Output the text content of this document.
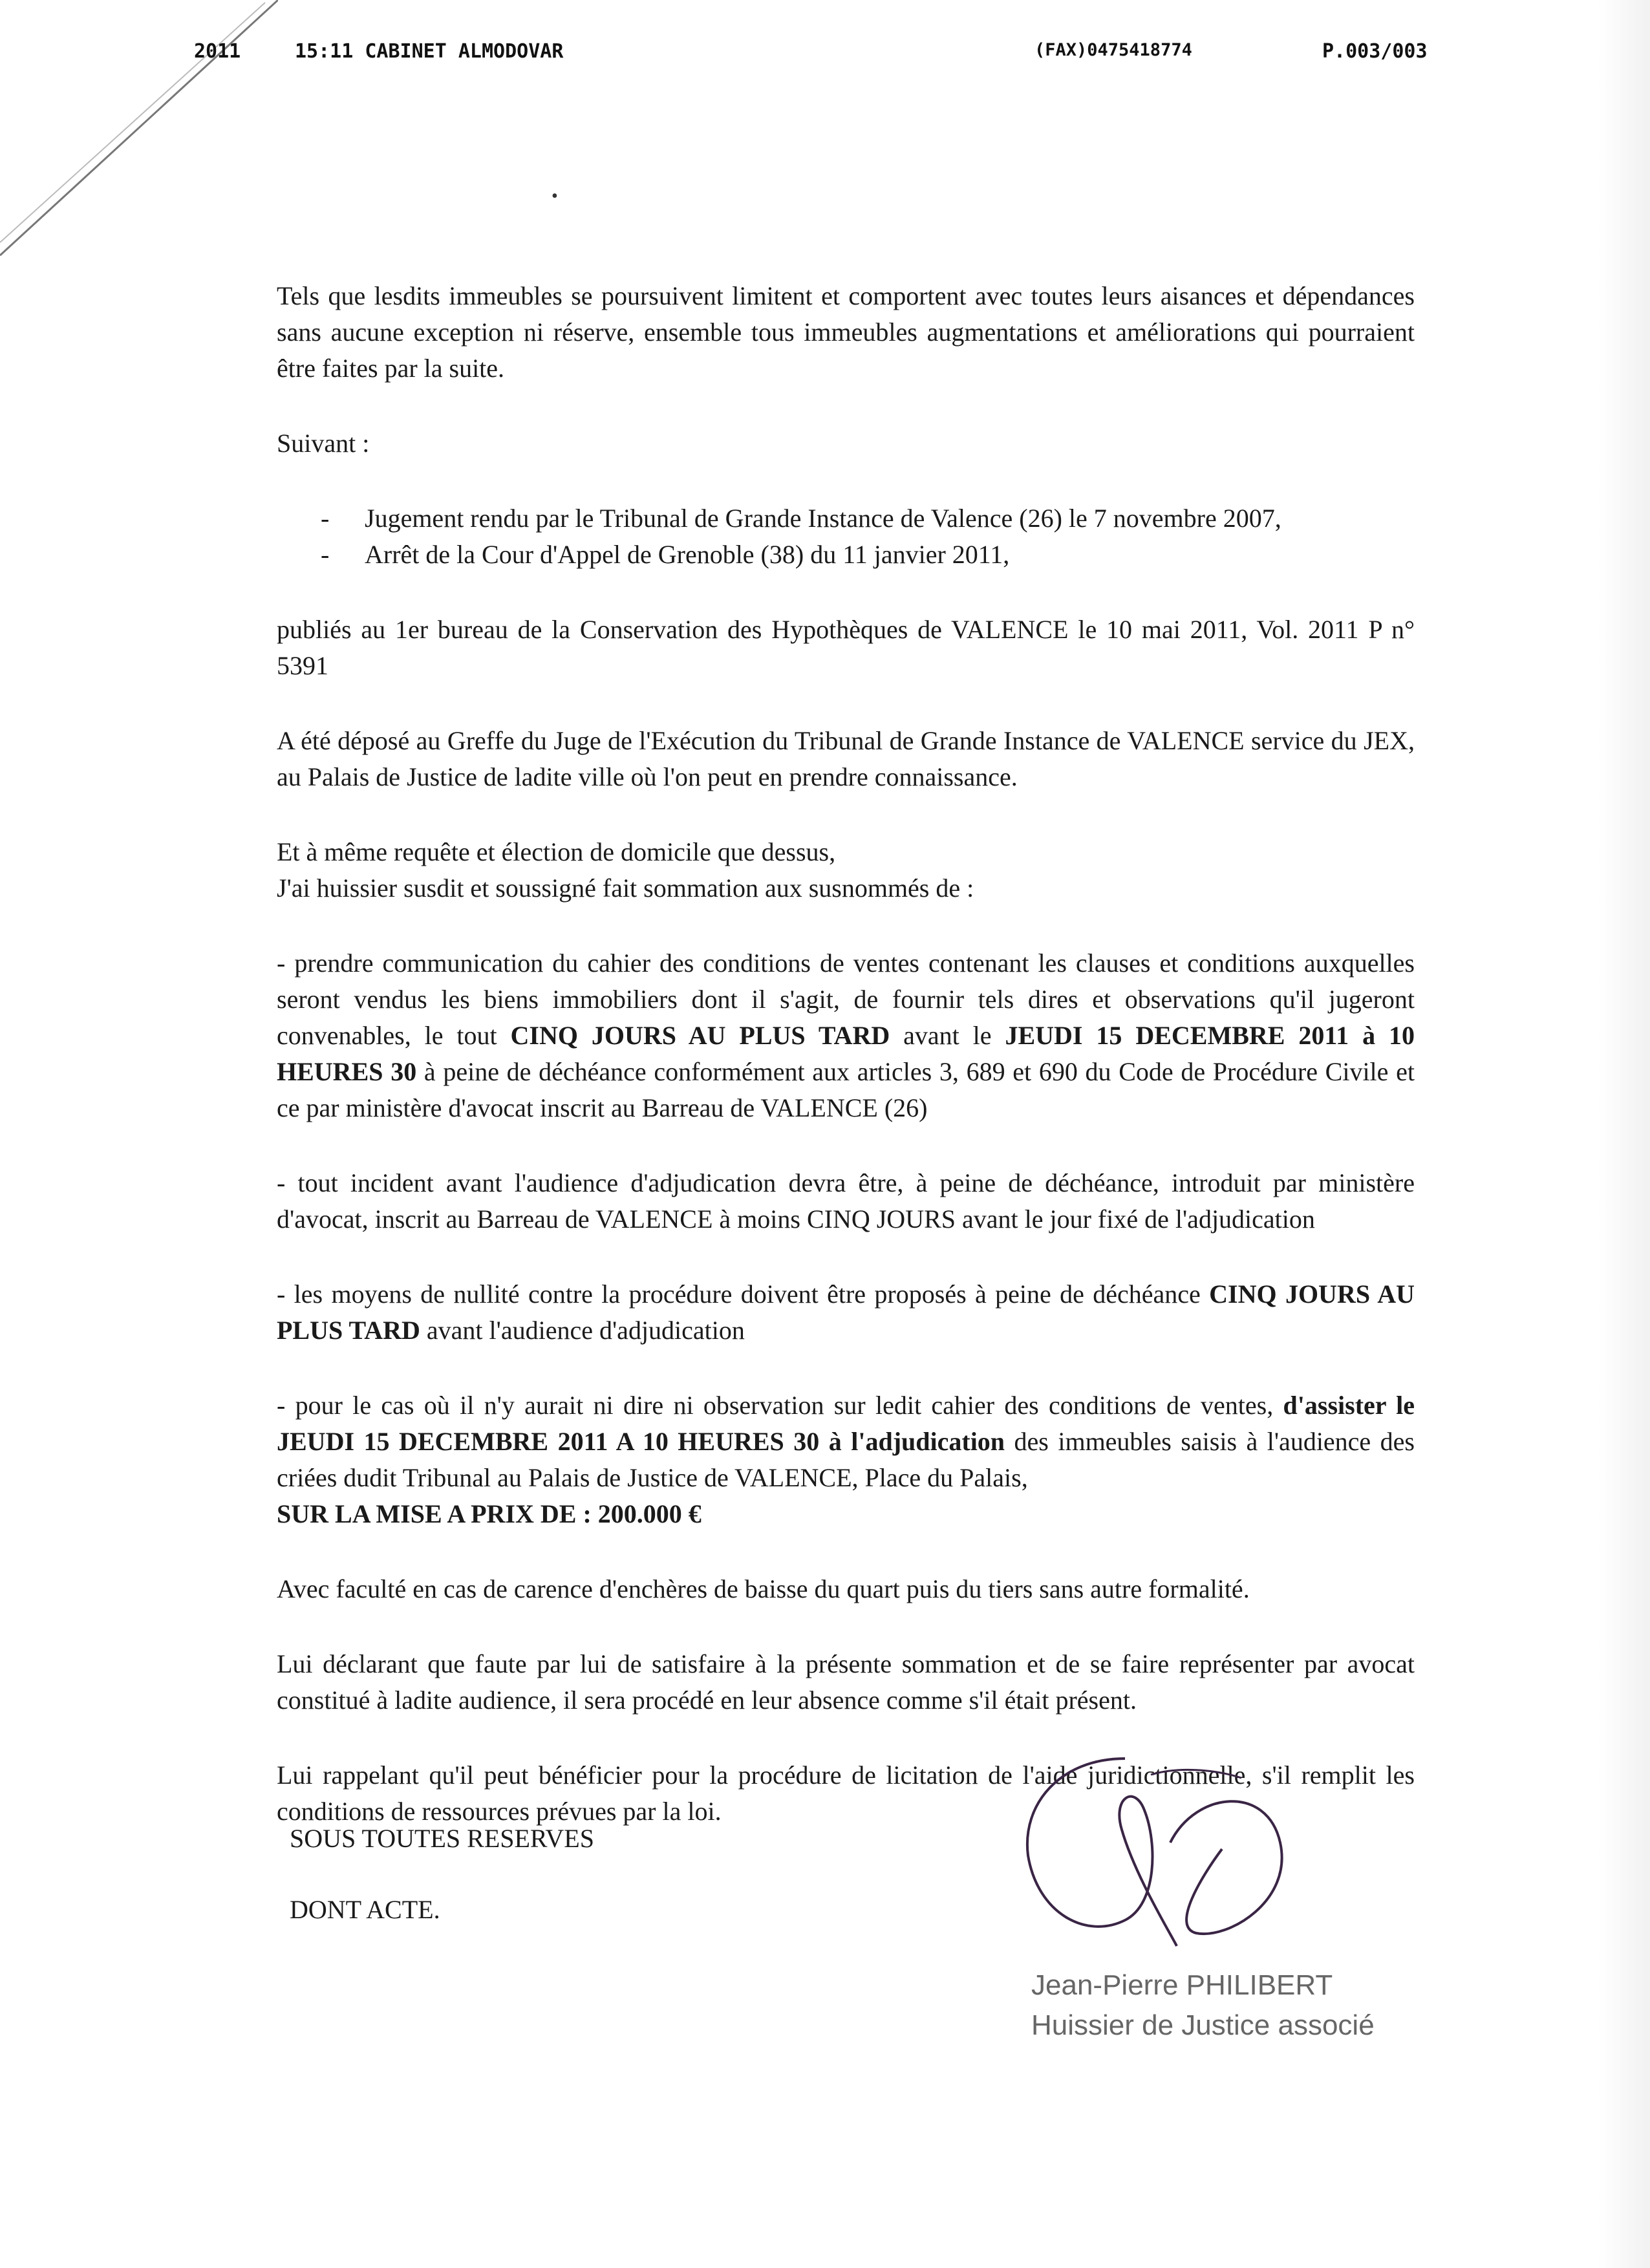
2011	15:11 CABINET ALMODOVAR	(FAX)0475418774	P.003/003
•

Tels que lesdits immeubles se poursuivent limitent et comportent avec toutes leurs aisances et dépendances sans aucune exception ni réserve, ensemble tous immeubles augmentations et améliorations qui pourraient être faites par la suite.

Suivant :

- Jugement rendu par le Tribunal de Grande Instance de Valence (26) le 7 novembre 2007,
- Arrêt de la Cour d'Appel de Grenoble (38) du 11 janvier 2011,

publiés au 1er bureau de la Conservation des Hypothèques de VALENCE le 10 mai 2011, Vol. 2011 P n° 5391

A été déposé au Greffe du Juge de l'Exécution du Tribunal de Grande Instance de VALENCE service du JEX, au Palais de Justice de ladite ville où l'on peut en prendre connaissance.

Et à même requête et élection de domicile que dessus,
J'ai huissier susdit et soussigné fait sommation aux susnommés de :

- prendre communication du cahier des conditions de ventes contenant les clauses et conditions auxquelles seront vendus les biens immobiliers dont il s'agit, de fournir tels dires et observations qu'il jugeront convenables, le tout CINQ JOURS AU PLUS TARD avant le JEUDI 15 DECEMBRE 2011 à 10 HEURES 30 à peine de déchéance conformément aux articles 3, 689 et 690 du Code de Procédure Civile et ce par ministère d'avocat inscrit au Barreau de VALENCE (26)

- tout incident avant l'audience d'adjudication devra être, à peine de déchéance, introduit par ministère d'avocat, inscrit au Barreau de VALENCE à moins CINQ JOURS avant le jour fixé de l'adjudication

- les moyens de nullité contre la procédure doivent être proposés à peine de déchéance CINQ JOURS AU PLUS TARD avant l'audience d'adjudication

- pour le cas où il n'y aurait ni dire ni observation sur ledit cahier des conditions de ventes, d'assister le JEUDI 15 DECEMBRE 2011 A 10 HEURES 30 à l'adjudication des immeubles saisis à l'audience des criées dudit Tribunal au Palais de Justice de VALENCE, Place du Palais,
SUR LA MISE A PRIX DE : 200.000 €

Avec faculté en cas de carence d'enchères de baisse du quart puis du tiers sans autre formalité.

Lui déclarant que faute par lui de satisfaire à la présente sommation et de se faire représenter par avocat constitué à ladite audience, il sera procédé en leur absence comme s'il était présent.

Lui rappelant qu'il peut bénéficier pour la procédure de licitation de l'aide juridictionnelle, s'il remplit les conditions de ressources prévues par la loi.

SOUS TOUTES RESERVES
DONT ACTE.
Jean-Pierre PHILIBERT
Huissier de Justice associé
